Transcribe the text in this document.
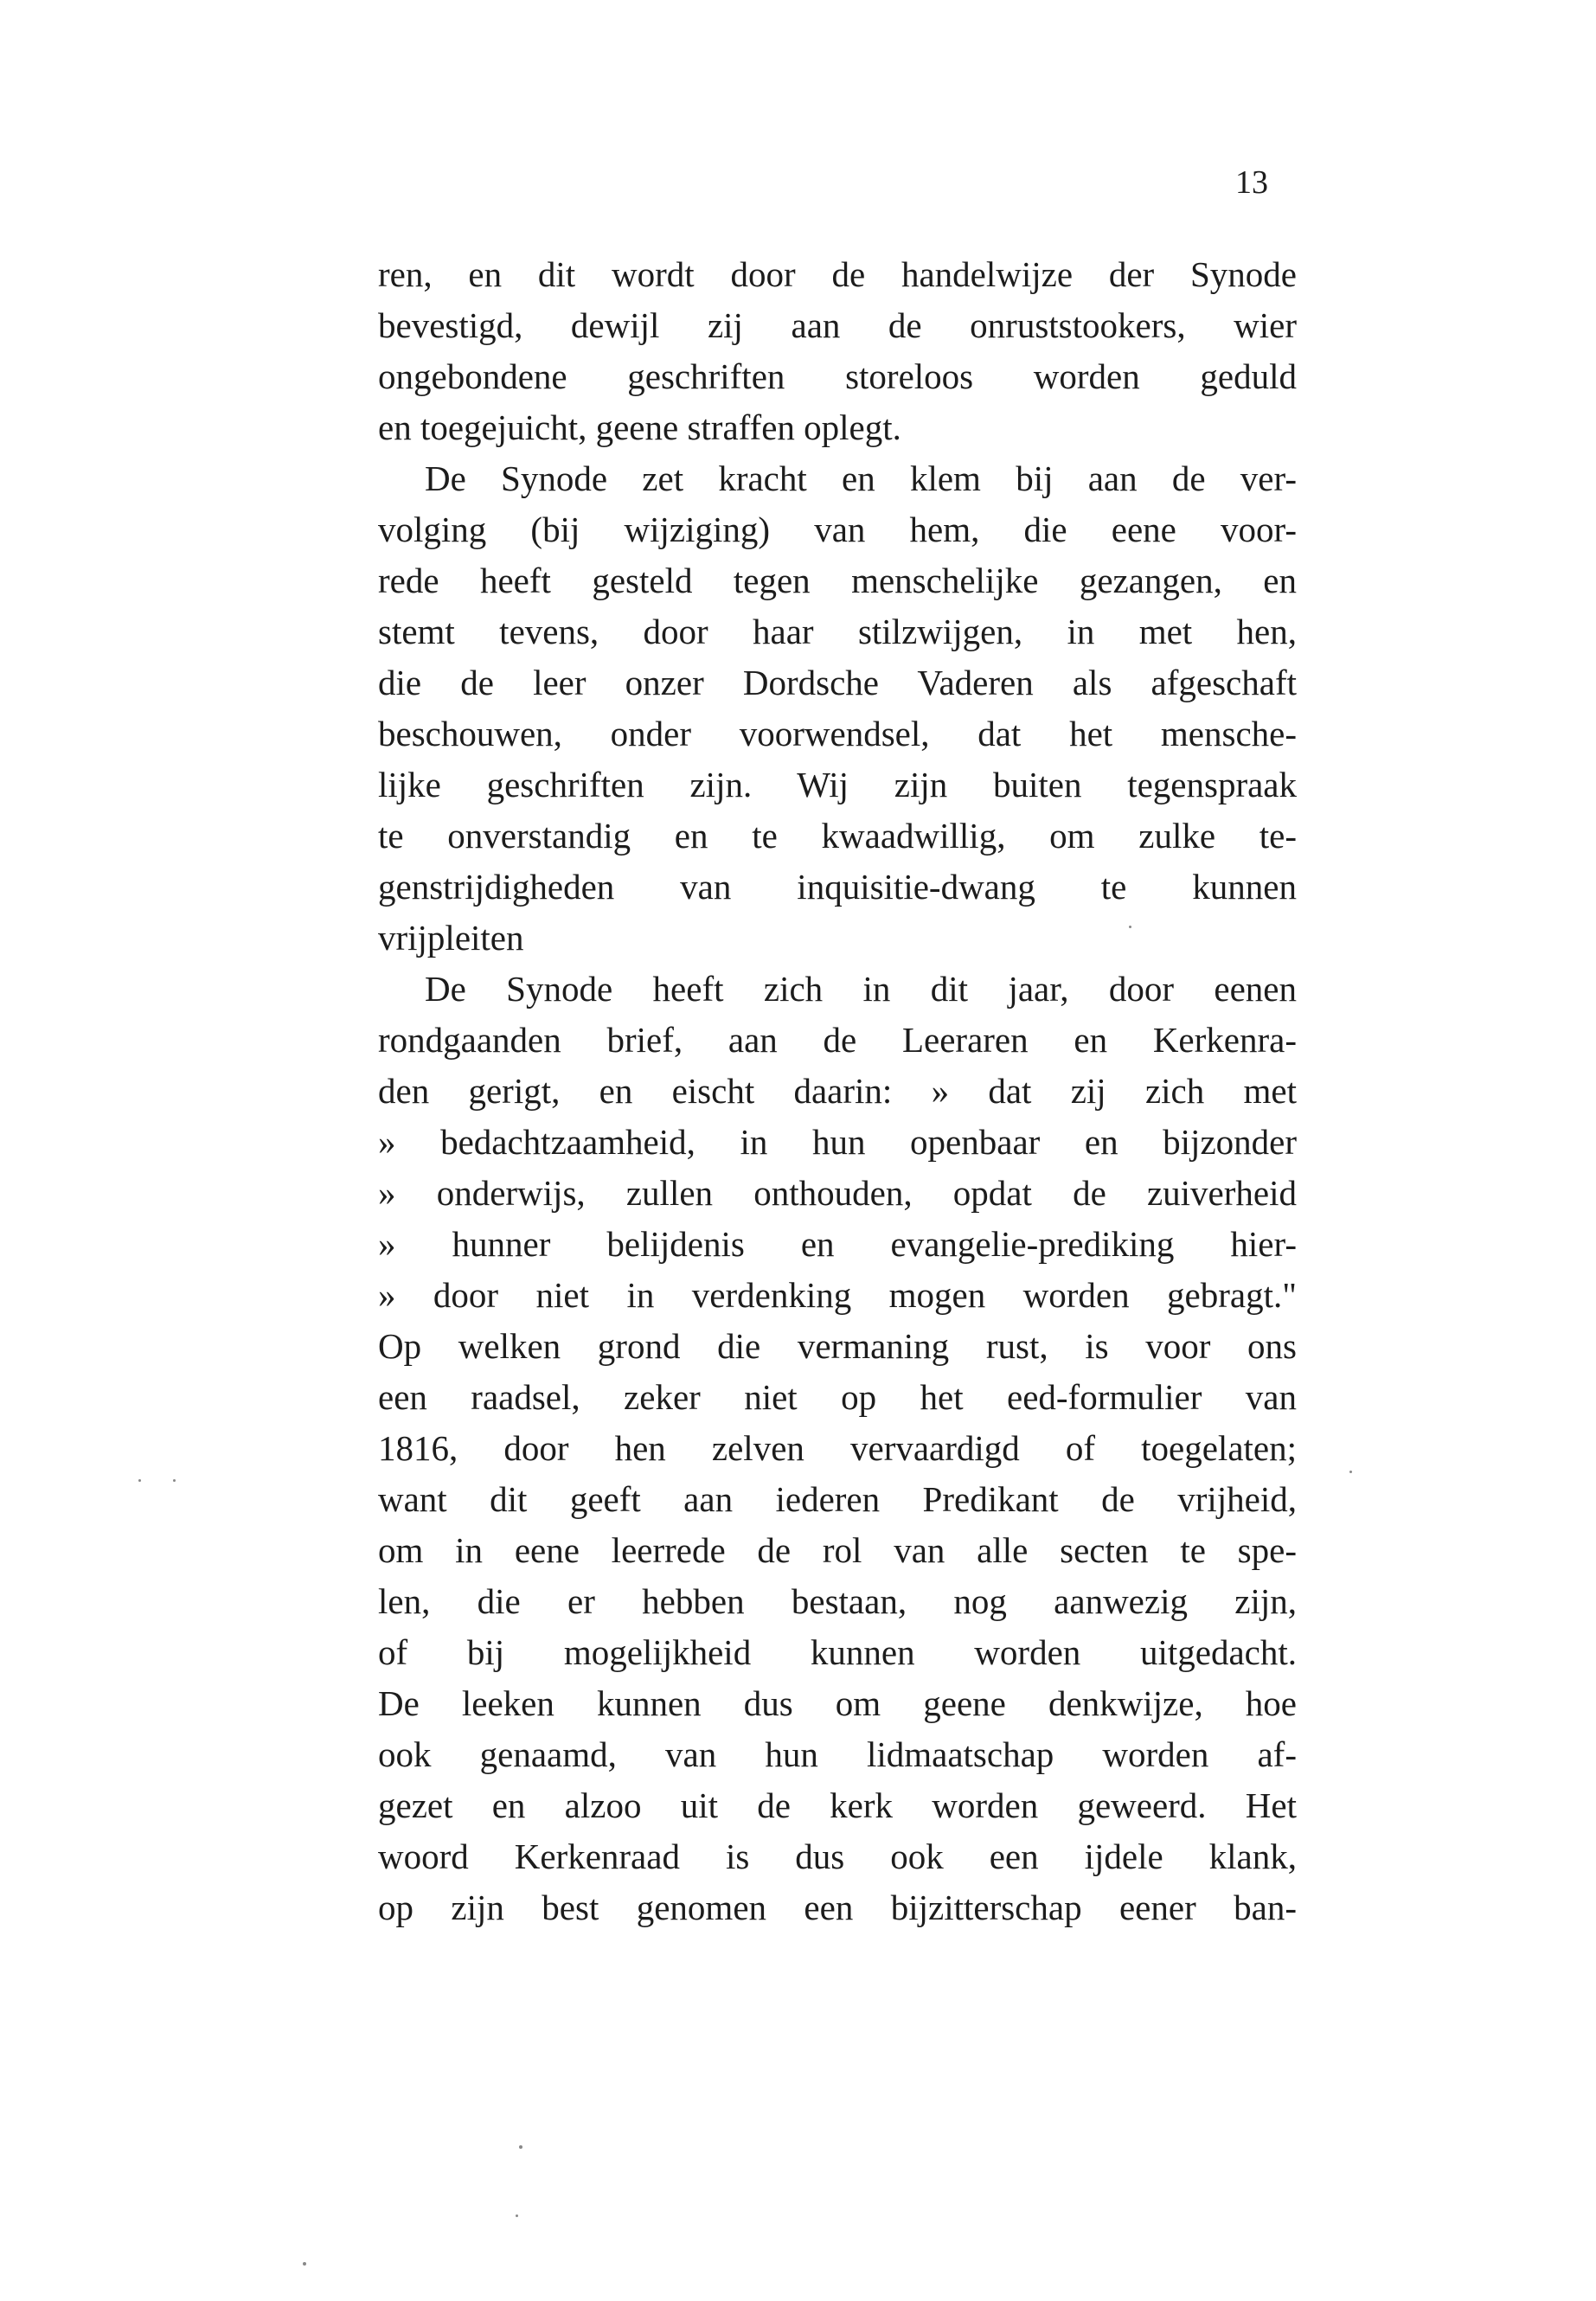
13
ren, en dit wordt door de handelwijze der Synode
bevestigd, dewijl zij aan de onruststookers, wier
ongebondene geschriften storeloos worden geduld
en toegejuicht, geene straffen oplegt.
De Synode zet kracht en klem bij aan de ver-
volging (bij wijziging) van hem, die eene voor-
rede heeft gesteld tegen menschelijke gezangen, en
stemt tevens, door haar stilzwijgen, in met hen,
die de leer onzer Dordsche Vaderen als afgeschaft
beschouwen, onder voorwendsel, dat het mensche-
lijke geschriften zijn. Wij zijn buiten tegenspraak
te onverstandig en te kwaadwillig, om zulke te-
genstrijdigheden van inquisitie-dwang te kunnen
vrijpleiten
De Synode heeft zich in dit jaar, door eenen
rondgaanden brief, aan de Leeraren en Kerkenra-
den gerigt, en eischt daarin: » dat zij zich met
» bedachtzaamheid, in hun openbaar en bijzonder
» onderwijs, zullen onthouden, opdat de zuiverheid
» hunner belijdenis en evangelie-prediking hier-
» door niet in verdenking mogen worden gebragt."
Op welken grond die vermaning rust, is voor ons
een raadsel, zeker niet op het eed-formulier van
1816, door hen zelven vervaardigd of toegelaten;
want dit geeft aan iederen Predikant de vrijheid,
om in eene leerrede de rol van alle secten te spe-
len, die er hebben bestaan, nog aanwezig zijn,
of bij mogelijkheid kunnen worden uitgedacht.
De leeken kunnen dus om geene denkwijze, hoe
ook genaamd, van hun lidmaatschap worden af-
gezet en alzoo uit de kerk worden geweerd. Het
woord Kerkenraad is dus ook een ijdele klank,
op zijn best genomen een bijzitterschap eener ban-
